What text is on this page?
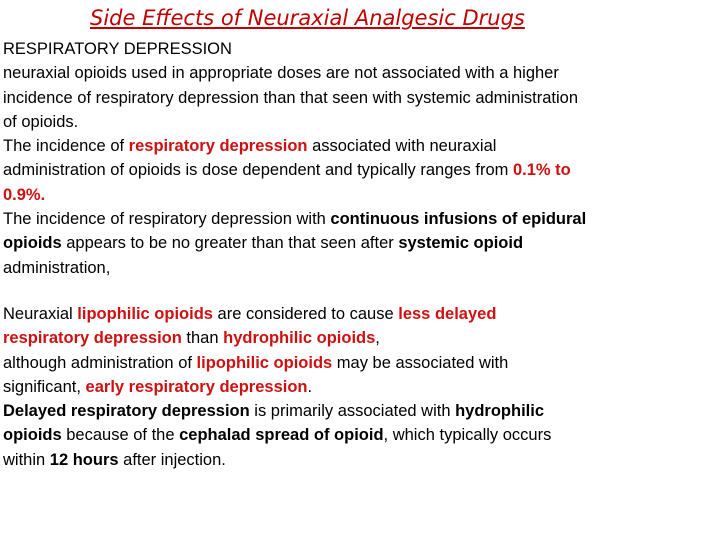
Side Effects of Neuraxial Analgesic Drugs
RESPIRATORY DEPRESSION
neuraxial opioids used in appropriate doses are not associated with a higher
incidence of respiratory depression than that seen with systemic administration
of opioids.
The incidence of respiratory depression associated with neuraxial
administration of opioids is dose dependent and typically ranges from 0.1% to
0.9%.
The incidence of respiratory depression with continuous infusions of epidural
opioids appears to be no greater than that seen after systemic opioid
administration,
Neuraxial lipophilic opioids are considered to cause less delayed
respiratory depression than hydrophilic opioids,
although administration of lipophilic opioids may be associated with
significant, early respiratory depression.
Delayed respiratory depression is primarily associated with hydrophilic
opioids because of the cephalad spread of opioid, which typically occurs
within 12 hours after injection.
